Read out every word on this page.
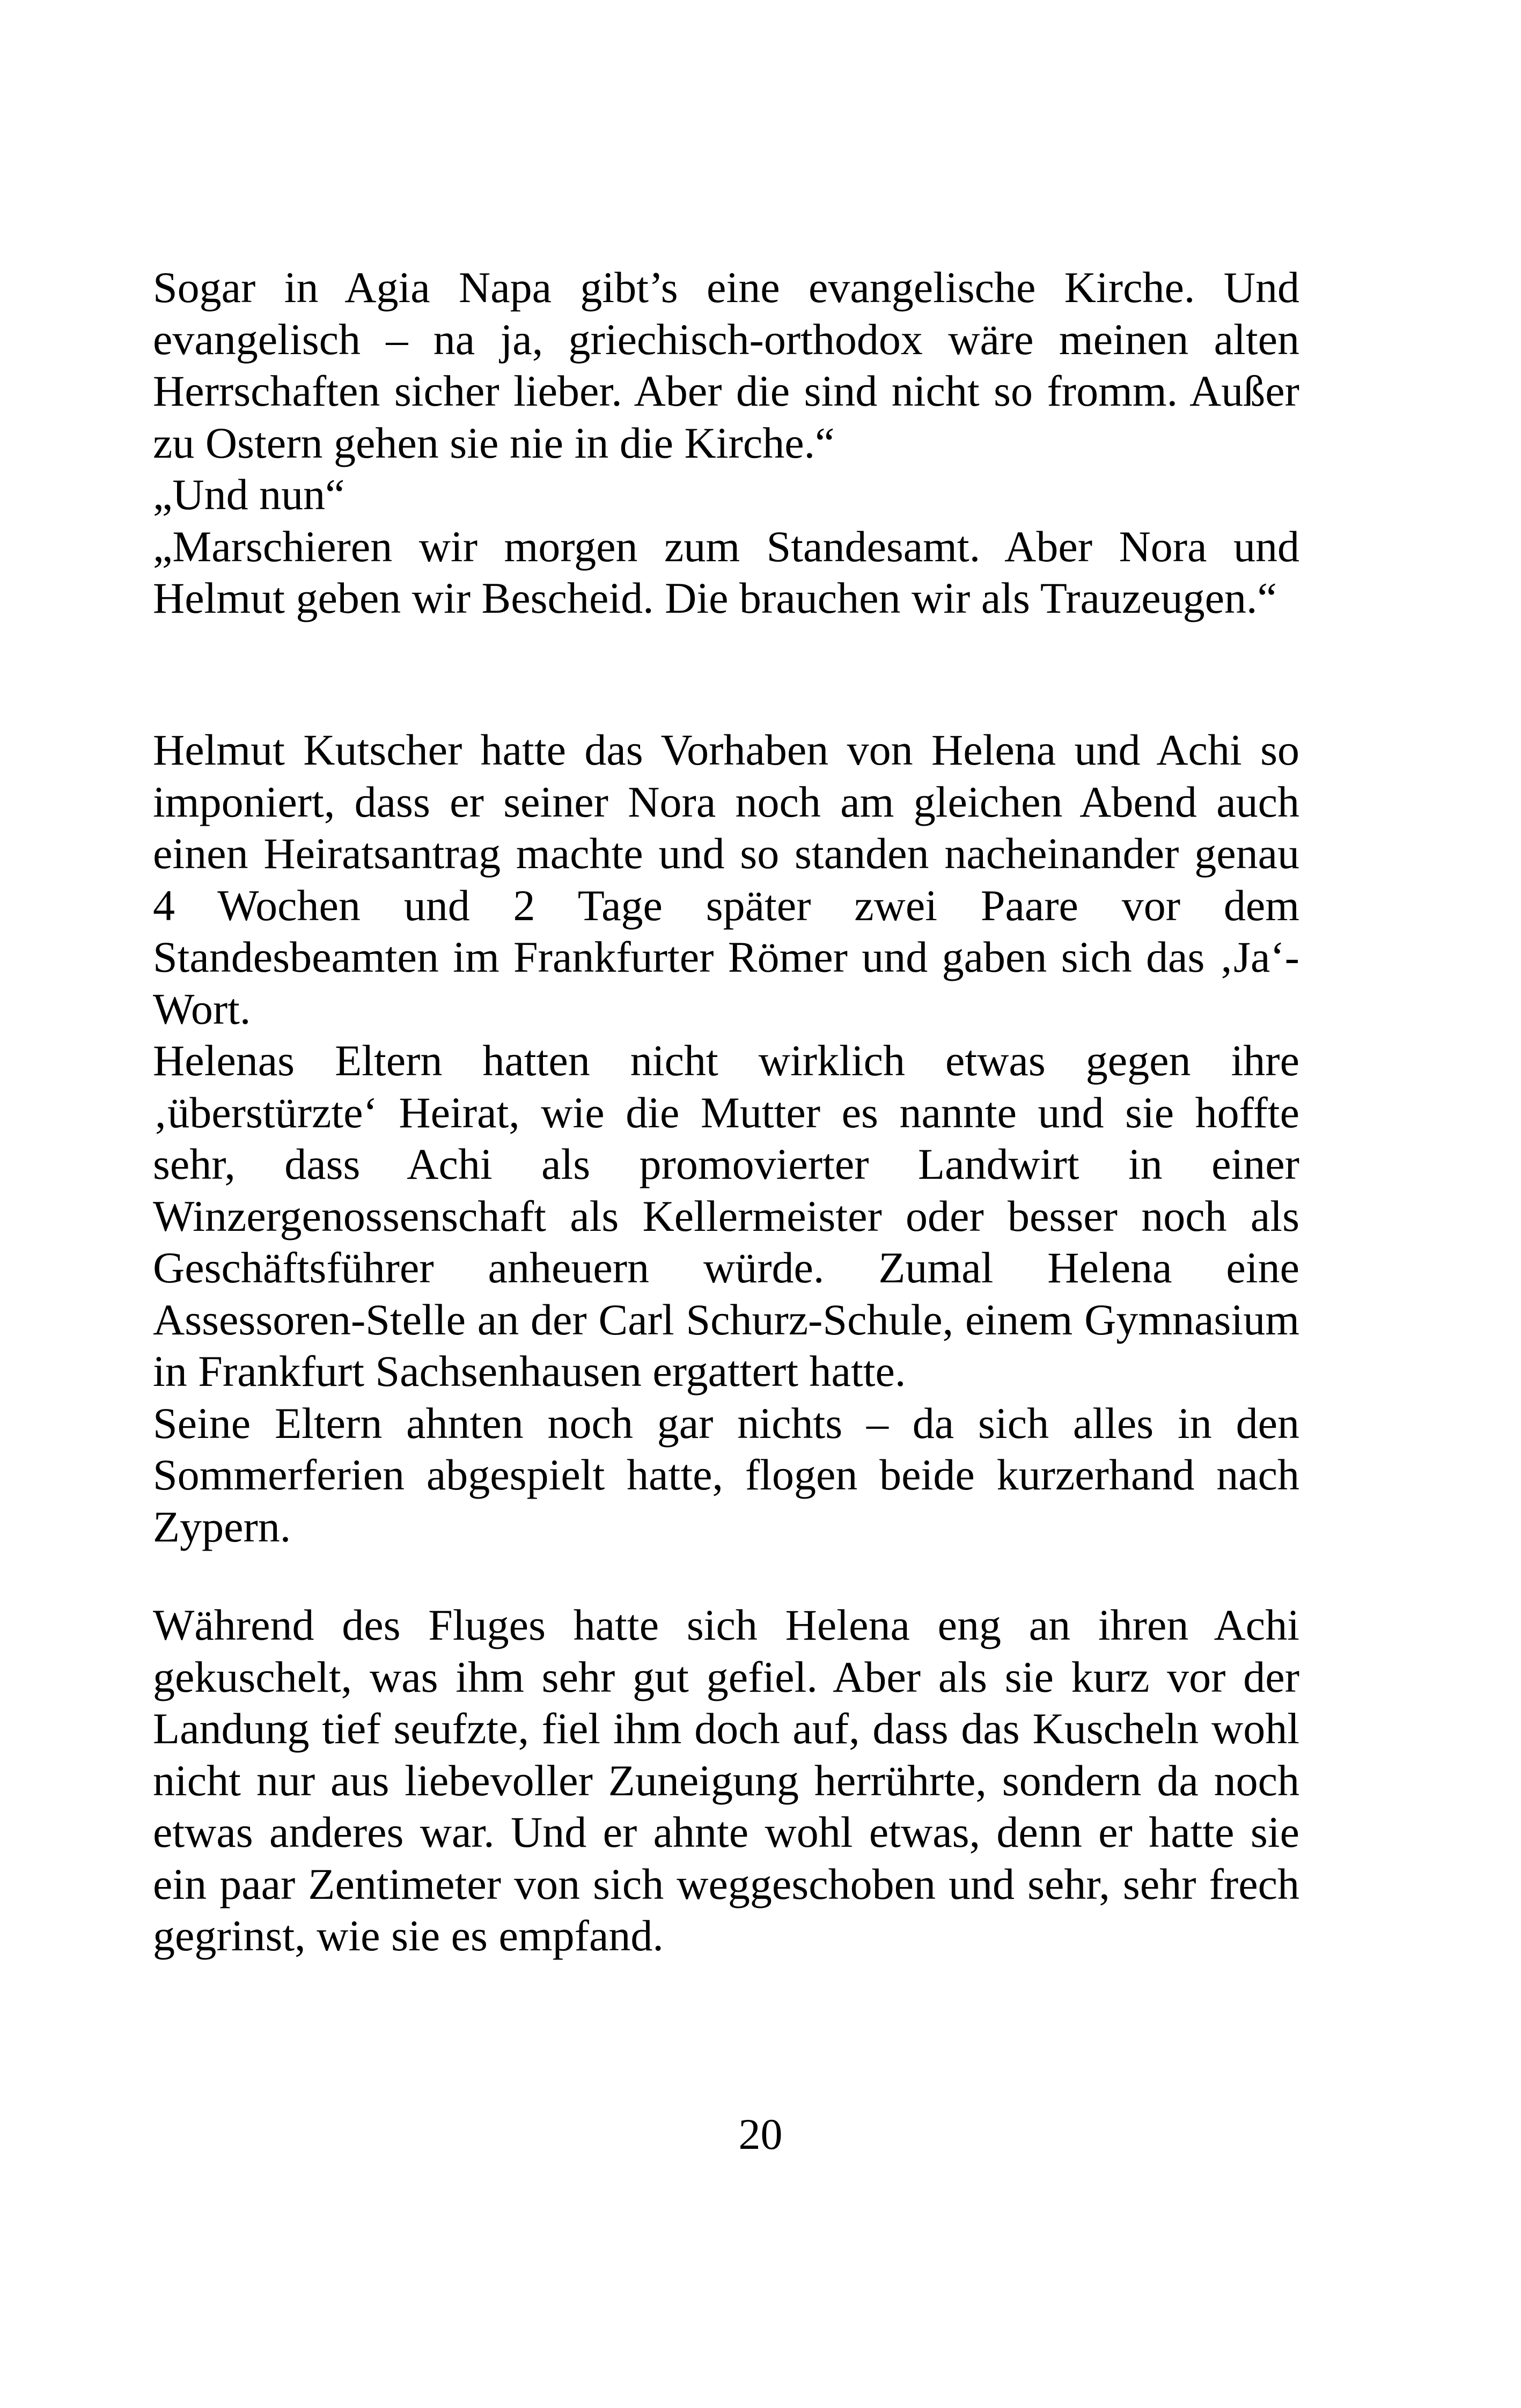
Sogar in Agia Napa gibt’s eine evangelische Kirche. Und
evangelisch – na ja, griechisch-orthodox wäre meinen alten
Herrschaften sicher lieber. Aber die sind nicht so fromm. Außer
zu Ostern gehen sie nie in die Kirche.“
„Und nun“
„Marschieren wir morgen zum Standesamt. Aber Nora und
Helmut geben wir Bescheid. Die brauchen wir als Trauzeugen.“
Helmut Kutscher hatte das Vorhaben von Helena und Achi so
imponiert, dass er seiner Nora noch am gleichen Abend auch
einen Heiratsantrag machte und so standen nacheinander genau
4 Wochen und 2 Tage später zwei Paare vor dem
Standesbeamten im Frankfurter Römer und gaben sich das ‚Ja‘-
Wort.
Helenas Eltern hatten nicht wirklich etwas gegen ihre
‚überstürzte‘ Heirat, wie die Mutter es nannte und sie hoffte
sehr, dass Achi als promovierter Landwirt in einer
Winzergenossenschaft als Kellermeister oder besser noch als
Geschäftsführer anheuern würde. Zumal Helena eine
Assessoren-Stelle an der Carl Schurz-Schule, einem Gymnasium
in Frankfurt Sachsenhausen ergattert hatte.
Seine Eltern ahnten noch gar nichts – da sich alles in den
Sommerferien abgespielt hatte, flogen beide kurzerhand nach
Zypern.
Während des Fluges hatte sich Helena eng an ihren Achi
gekuschelt, was ihm sehr gut gefiel. Aber als sie kurz vor der
Landung tief seufzte, fiel ihm doch auf, dass das Kuscheln wohl
nicht nur aus liebevoller Zuneigung herrührte, sondern da noch
etwas anderes war. Und er ahnte wohl etwas, denn er hatte sie
ein paar Zentimeter von sich weggeschoben und sehr, sehr frech
gegrinst, wie sie es empfand.
20
